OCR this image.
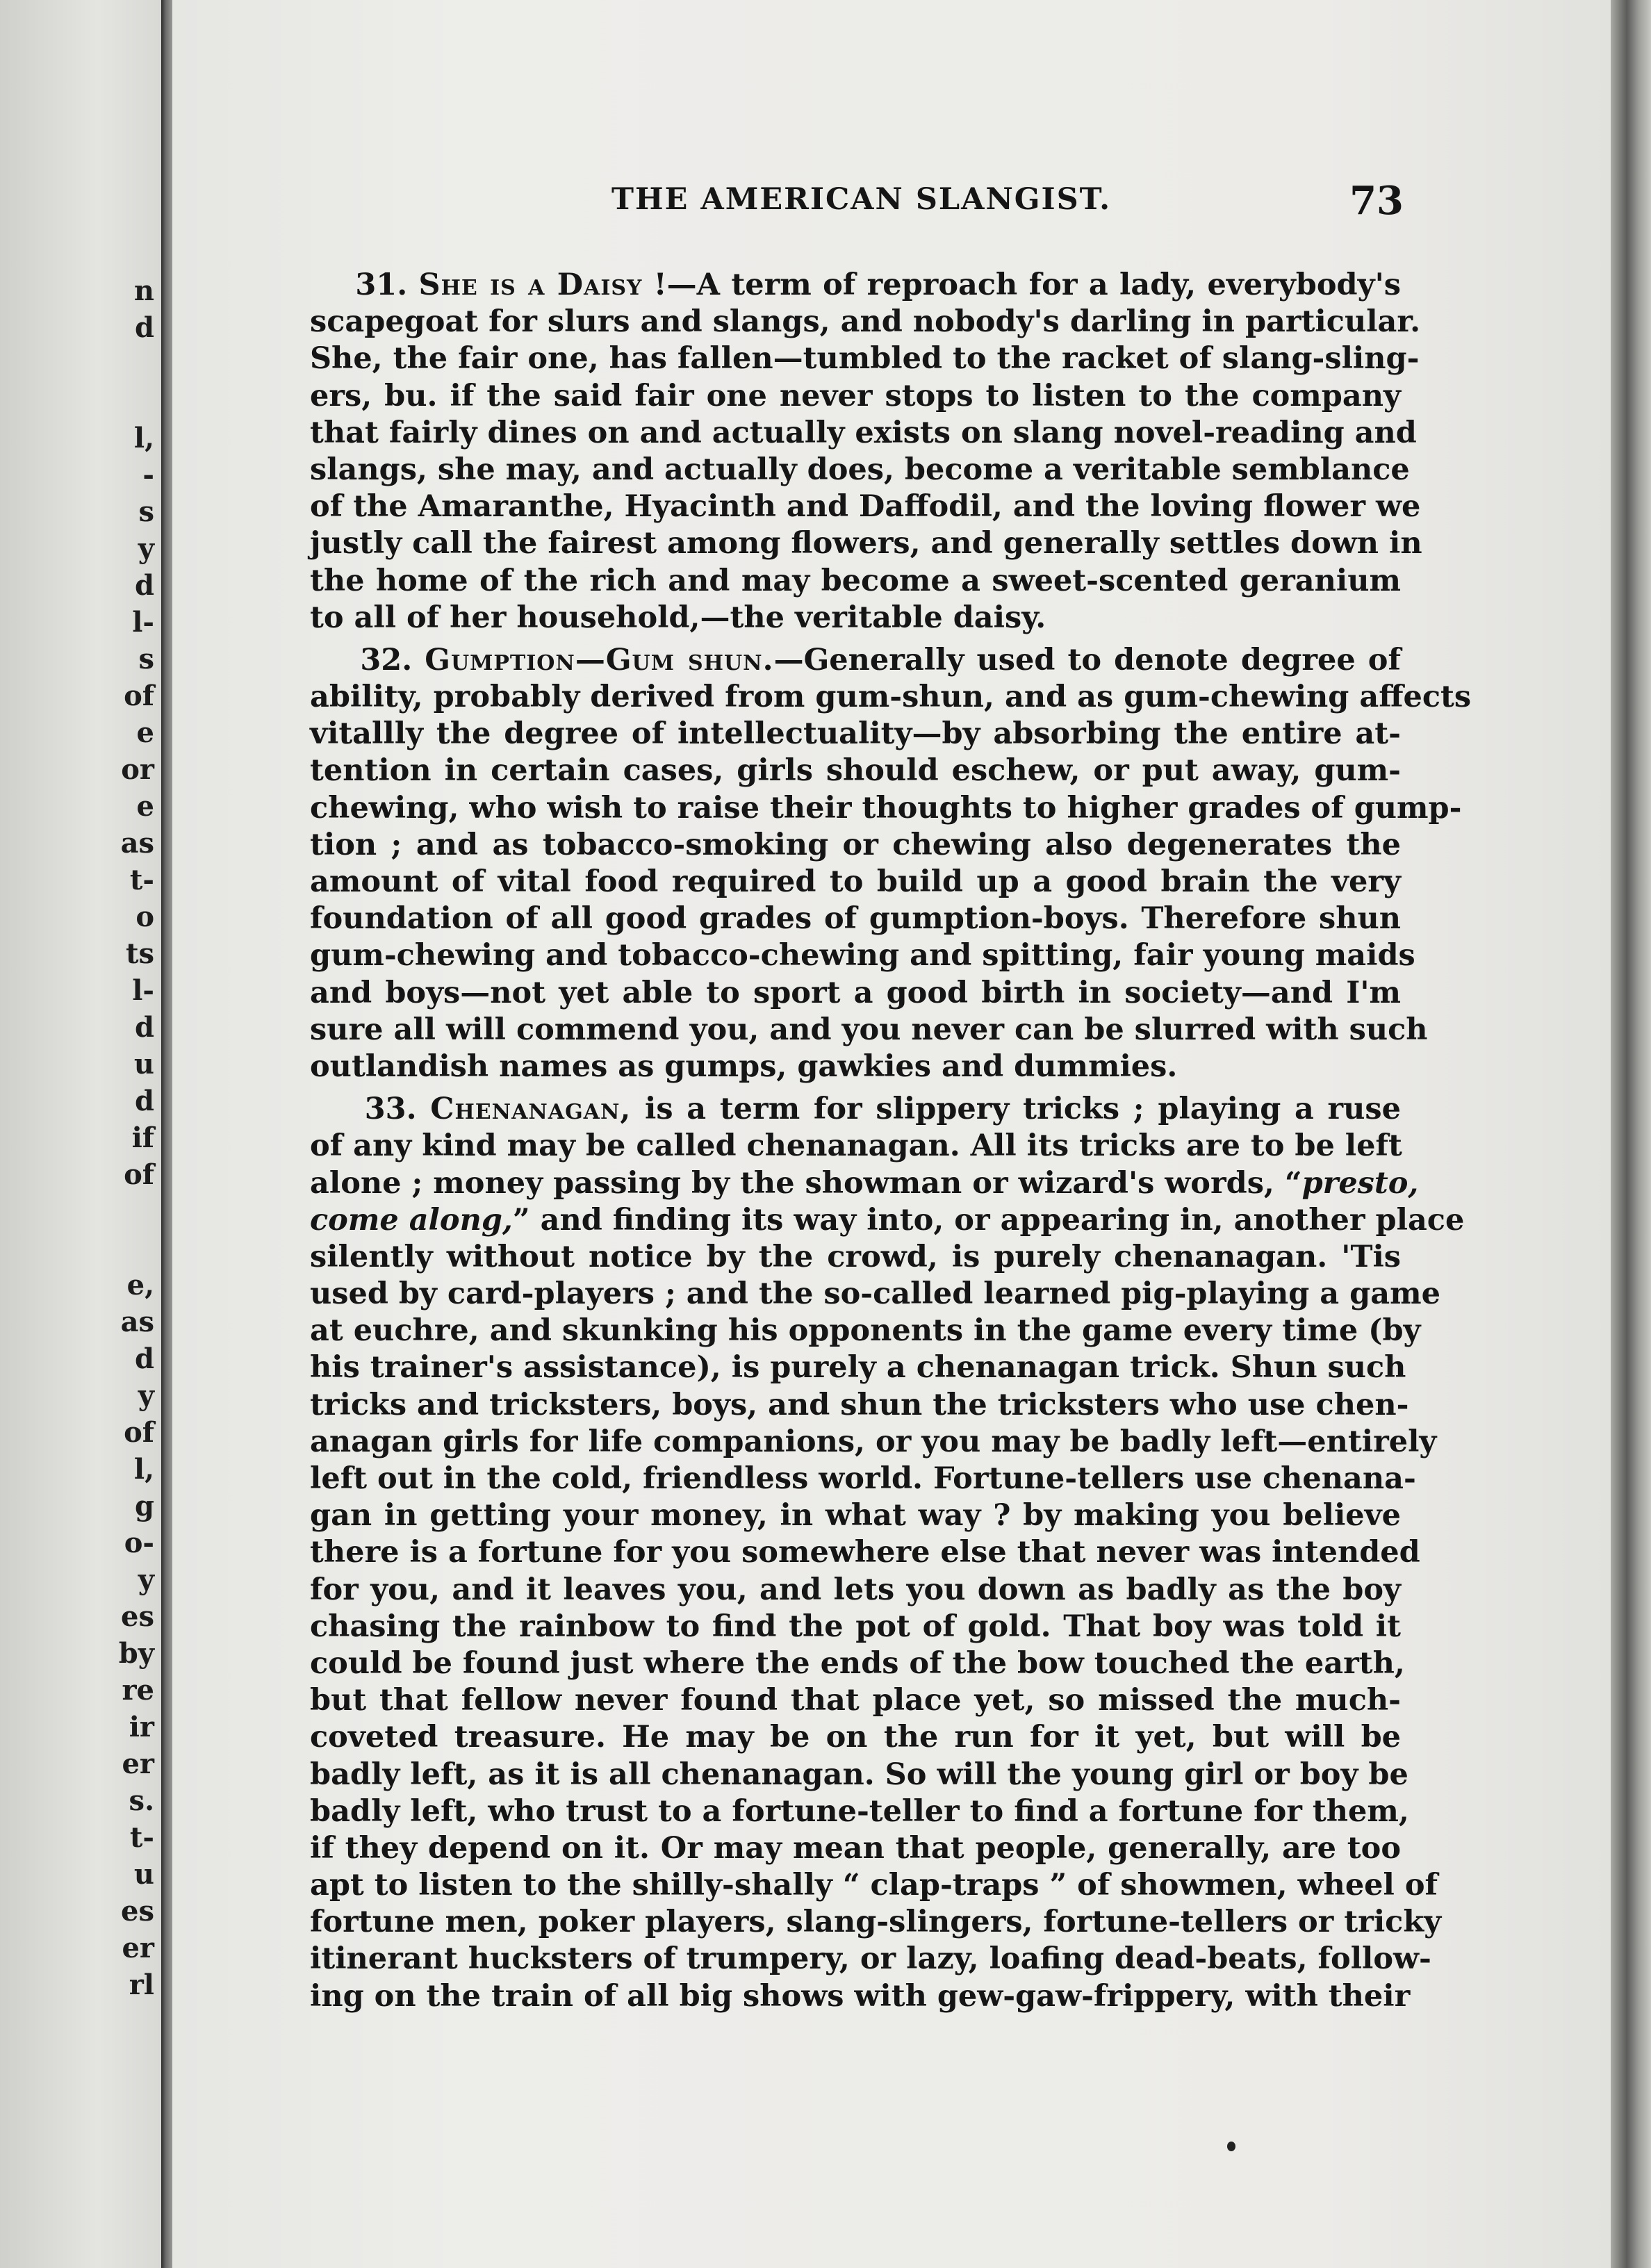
n
d
l,
-
s
y
d
l-
s
of
e
or
e
as
t-
o
ts
l-
d
u
d
if
of
e,
as
d
y
of
l,
g
o-
y
es
by
re
ir
er
s.
t-
u
es
er
rl
THE AMERICAN SLANGIST.	73
31. She is a Daisy !—A term of reproach for a lady, everybody's
scapegoat for slurs and slangs, and nobody's darling in particular.
She, the fair one, has fallen—tumbled to the racket of slang-sling-
ers, bu. if the said fair one never stops to listen to the company
that fairly dines on and actually exists on slang novel-reading and
slangs, she may, and actually does, become a veritable semblance
of the Amaranthe, Hyacinth and Daffodil, and the loving flower we
justly call the fairest among flowers, and generally settles down in
the home of the rich and may become a sweet-scented geranium
to all of her household,—the veritable daisy.
32. Gumption—Gum shun.—Generally used to denote degree of
ability, probably derived from gum-shun, and as gum-chewing affects
vitallly the degree of intellectuality—by absorbing the entire at-
tention in certain cases, girls should eschew, or put away, gum-
chewing, who wish to raise their thoughts to higher grades of gump-
tion ; and as tobacco-smoking or chewing also degenerates the
amount of vital food required to build up a good brain the very
foundation of all good grades of gumption-boys. Therefore shun
gum-chewing and tobacco-chewing and spitting, fair young maids
and boys—not yet able to sport a good birth in society—and I'm
sure all will commend you, and you never can be slurred with such
outlandish names as gumps, gawkies and dummies.
33. Chenanagan, is a term for slippery tricks ; playing a ruse
of any kind may be called chenanagan. All its tricks are to be left
alone ; money passing by the showman or wizard's words, “presto,
come along,” and finding its way into, or appearing in, another place
silently without notice by the crowd, is purely chenanagan. 'Tis
used by card-players ; and the so-called learned pig-playing a game
at euchre, and skunking his opponents in the game every time (by
his trainer's assistance), is purely a chenanagan trick. Shun such
tricks and tricksters, boys, and shun the tricksters who use chen-
anagan girls for life companions, or you may be badly left—entirely
left out in the cold, friendless world. Fortune-tellers use chenana-
gan in getting your money, in what way ? by making you believe
there is a fortune for you somewhere else that never was intended
for you, and it leaves you, and lets you down as badly as the boy
chasing the rainbow to find the pot of gold. That boy was told it
could be found just where the ends of the bow touched the earth,
but that fellow never found that place yet, so missed the much-
coveted treasure. He may be on the run for it yet, but will be
badly left, as it is all chenanagan. So will the young girl or boy be
badly left, who trust to a fortune-teller to find a fortune for them,
if they depend on it. Or may mean that people, generally, are too
apt to listen to the shilly-shally “ clap-traps ” of showmen, wheel of
fortune men, poker players, slang-slingers, fortune-tellers or tricky
itinerant hucksters of trumpery, or lazy, loafing dead-beats, follow-
ing on the train of all big shows with gew-gaw-frippery, with their
